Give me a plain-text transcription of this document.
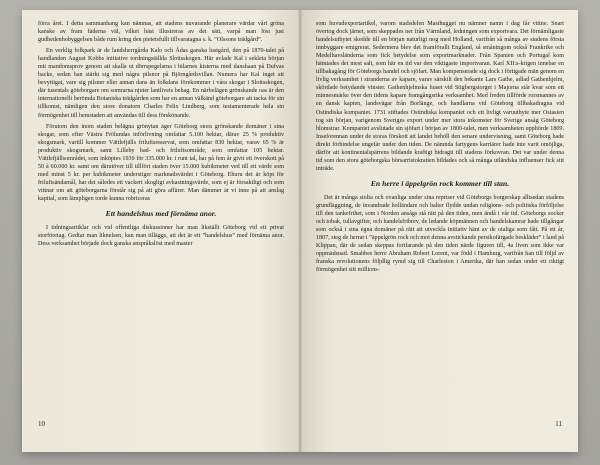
förra året. I detta sammanhang kan nämnas, att stadens nuvarande planerare värdar vårt gröna kanske av fram fäderna väl, vilket bäst illustreras av det sätt, varpå man löst just gudhedenhobyggelsen både rum kring den pietetsfullt tillvaratagna s. k. ”Olssons trädgård”.

En verklig folkpark är de landsherrgårda Kalo och Ådas ganska lustgård, den på 1870-talet på handlanden August Kobbs initiative tordningställda Slottsskogen. Här avlade Kal i sekleta början mit mandomsprov genom att skalla ut dörrspegelarna i bilarnes kisterna med danshaan på Dufvas backe, sedan han stärkt sig med några pilsnor på Björngårdsvillan. Numera har Kal inget att bevyttigat, vare sig pilsner eller annan dans än folkdans förekommer i våra skogar i Slottsskogen, där tusentals göteborgare om somrarna njuter lantlivets behag. En närbelägen grönskande oas är den internationellt berömda Botaniska trädgården som har en annan välkänd göteborgare att tacka för sin tillkomst, nämligen den store donatorn Charles Felix Lindberg, som testamenterade hela sin förmögenhet till hemstaden att användas till dess förskönande.

Förutom den inom staden belägna grönytan äger Göteborg stora grönskande domäner i sina skogar, som efter Västra Frölundas införlivning omfattar 5.100 hektar, därav 25 % produktiv skogsmark, vartill kommer Vättlefjälls friluftsreservat, som omfattar 830 hektar, varav 65 % är produktiv skogsmark, samt Lilleby bad- och friluftsområde, som omfattar 105 hektar. Vättlefjällsområdet, som inköptes 1939 för 335.000 kr. i runt tal, har på fem år givit ett överskott på 50 à 60.000 kr. samt om därutöver till tillfört staden över 15.000 kubikmeter ved till ett värde som med minst 5 kr. per kubikmeter understiger marknadsvärdet i Göteborg. Ehuru det är köpt för friluftsändamål, har det således ett vackert skogligt avkastningsvärde, som ej är försaktligt och som vittnar om att göteborgarna förstår sig på att göra affärer. Man dämmer är vi inne på att anslag kapital, som lämpligen torde kunna robriceras

Ett handelshus med förnäma anor.

I tidningsartiklar och vid offentliga diskussioner har man likställt Göteborg vid ett privat storföretag. Gedtar man liknelsen, kan man tilläggs, att det är ett ”handelshus” med förnäma anor. Dess verksamhet började dock ganska anspråkslöst med master

10

som huvudexportartikel, varom stadsdelen Masthugget nu nämner namn i dag får vittne. Snart övertog dock järnet, som skeppades ner från Värmland, ledningen som exportvara. Det förnämligaste handelsutbytet skedde till en början naturligt nog med Holland, varifrån så många av stadens första innbyggare emigrerat. Sedermera blev det framförallt England, så småningom också Frankrike och Medelhavsländerna som fick betydelse som exportmarknader. Från Spanien och Portugal kom hämtades det mest salt, som här en tid var den viktigaste importvaran. Karl XII:s-krigen innebar en tillbakagång för Göteborgs handel och sjöfart. Man kompenserade sig dock i förtigade män genom en livlig verksamhet i stranderna av kapare, varav särskilt den bekante Lars Gathe, adlad Gathenhjelm, skördade betydande vinster. Gathenhjelmska huset vid Stigbergstorget i Majorna står kvar som ett minnesmärke över den tidens kapare framgångsrika verksamhet. Med freden tillförde rorsmannes av en dansk kapten, landsvägar från Borlänge, och handlarna vid Göteborg tillbakadragna vid Ostindiska kompaniet. 1731 stiftades Ostindiska kompaniet och ett livligt varuutbyte mer Ostasien tog sin början, varigenom Sveriges export under mer stora inkomster för Sverige ansåg Göteborg blomstrar. Kompaniet avslutade sin sjöfart i början av 1800-talet, men verksamheten upphörde 1809. Inseforennan under de storas förskott att landet behöll den senare undervisning, samt Göteborg hade direkt förbindelse ungefär under den tiden. De nämnda fartygens karriärer hade inte varit omöjliga, därför att kontinentalspärrens bildande kraftigt bidragit till stadens förkovran. Det var under denna tid som den stora göteborgska börsarristokratien bildades och så många utländska influenser fick sitt inträde.

En herre i äppelgrön rock kommer till stan.

Det är många stolta och ovanliga under sina repriser vid Göteborgs borgerskap alltsedan stadens grundläggning, de invandrade holländare och balter flydde undan religions- och politiska förföljelse till den tankefrihet, som i Norden ansågs stå rätt på den tiden, men ändå i vår tid. Göteborgs socker och tobak, tullavgifter, och handelsfribrev, de ledande köpmännen och handelskamrar hade tillgångar som också i sina egna domäner på rätt att utveckla initiativ hänt av de otaliga som fått. På ett år, 1807, steg de herrar i ”äppelgrön rock och mot denna avstickande persikofärgade beskläder” i land på Klippan, där de sedan skeppas fortfarande på den tiden närde figuren till, 4a liven som ikke var oppmädsnad. Smabbes herre Abraham Robert Lorent, var född i Hamburg, varifrån han till följd av franska revolutionens följdlig rymd sig till Charleston i Amerika, där han sedan under ett riktigt förmögenhet sitt millions-

11
